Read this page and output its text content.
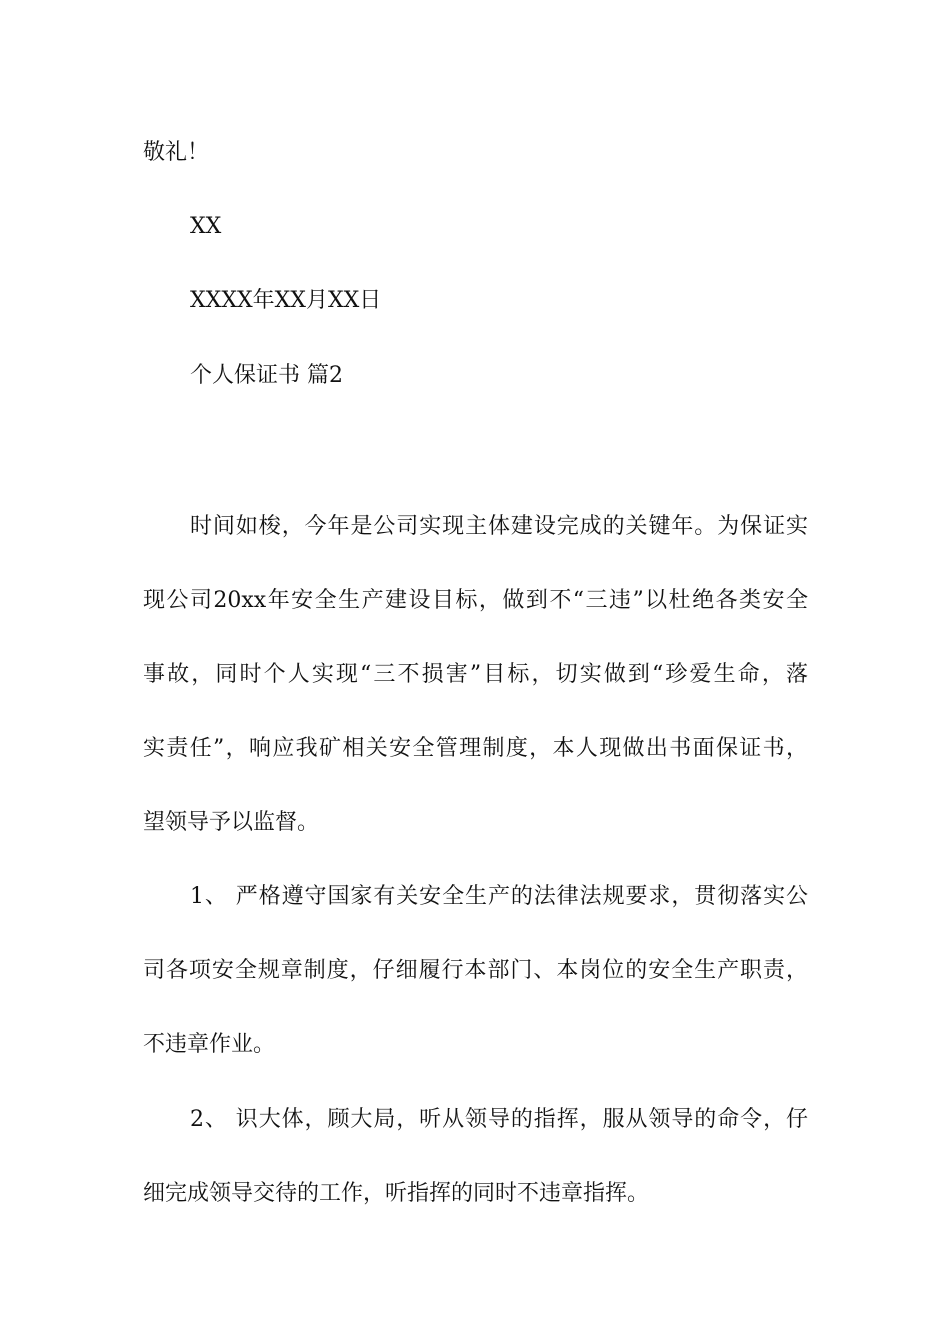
敬礼！
XX
XXXX年XX月XX日
个人保证书 篇2
时间如梭，今年是公司实现主体建设完成的关键年。为保证实
现公司20xx年安全生产建设目标，做到不“三违”以杜绝各类安全
事故，同时个人实现“三不损害”目标，切实做到“珍爱生命，落
实责任”，响应我矿相关安全管理制度，本人现做出书面保证书，
望领导予以监督。
1、 严格遵守国家有关安全生产的法律法规要求，贯彻落实公
司各项安全规章制度，仔细履行本部门、本岗位的安全生产职责，
不违章作业。
2、 识大体，顾大局，听从领导的指挥，服从领导的命令，仔
细完成领导交待的工作，听指挥的同时不违章指挥。
